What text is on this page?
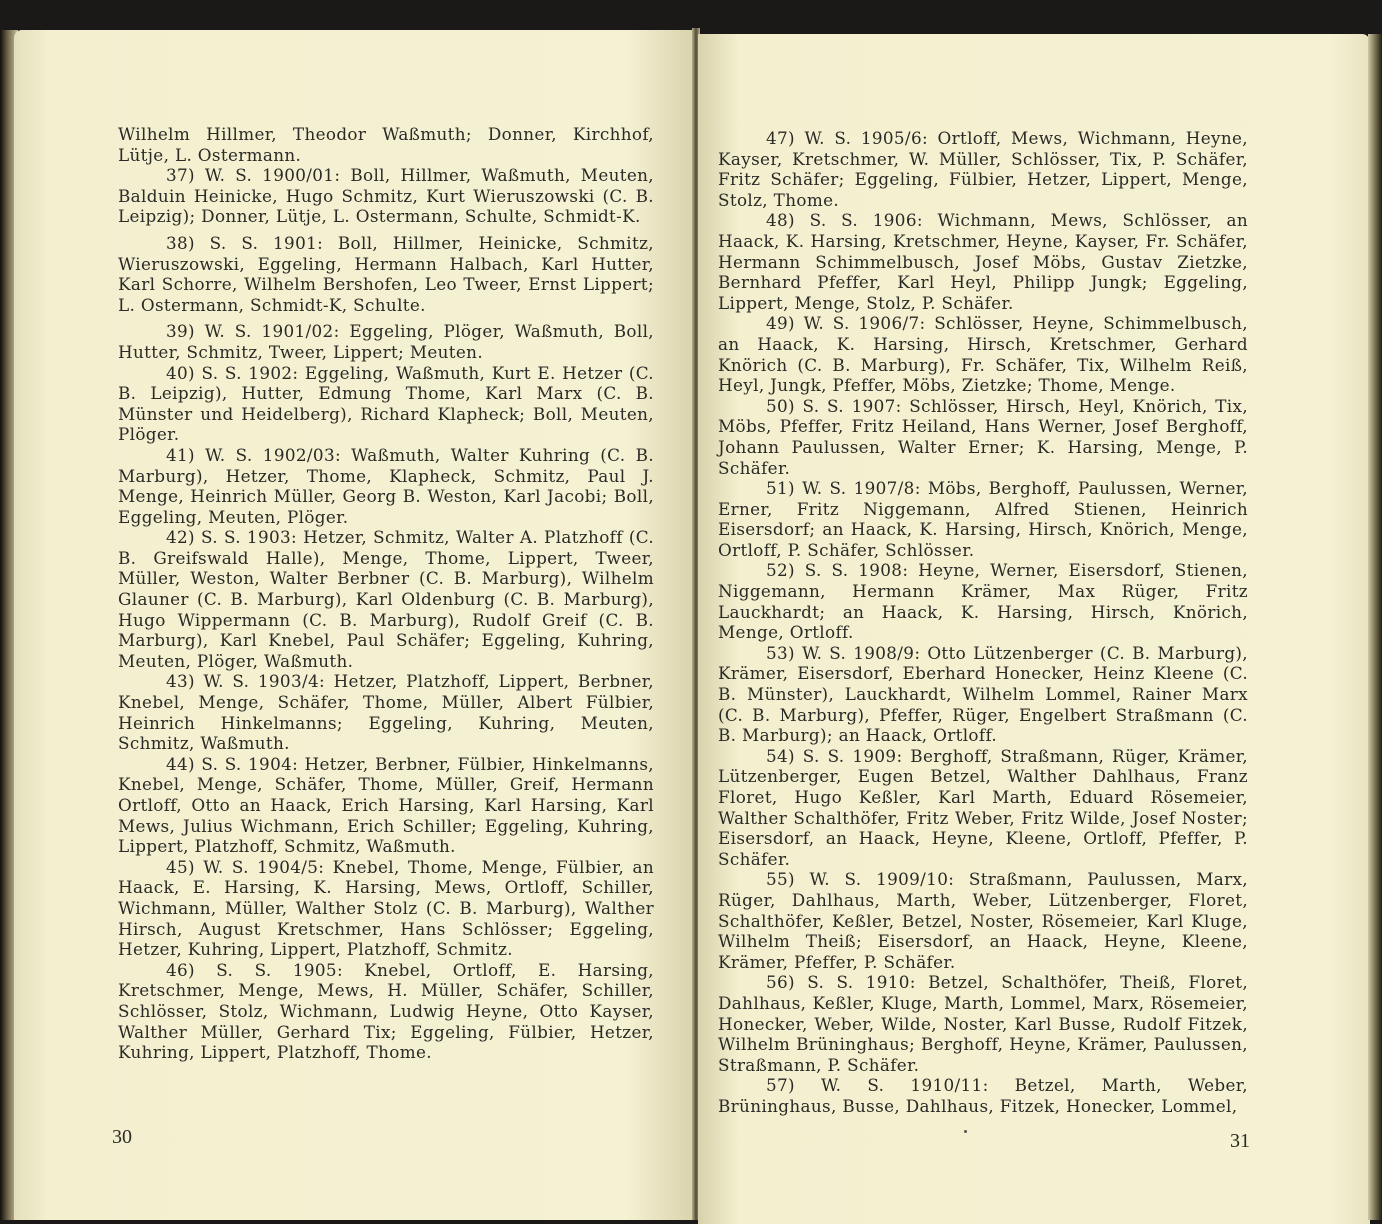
Wilhelm Hillmer, Theodor Waßmuth; Donner, Kirchhof, Lütje, L. Ostermann.

37) W. S. 1900/01: Boll, Hillmer, Waßmuth, Meuten, Balduin Heinicke, Hugo Schmitz, Kurt Wieruszowski (C. B. Leipzig); Donner, Lütje, L. Ostermann, Schulte, Schmidt-K.

38) S. S. 1901: Boll, Hillmer, Heinicke, Schmitz, Wieruszowski, Eggeling, Hermann Halbach, Karl Hutter, Karl Schorre, Wilhelm Bershofen, Leo Tweer, Ernst Lippert; L. Ostermann, Schmidt-K, Schulte.

39) W. S. 1901/02: Eggeling, Plöger, Waßmuth, Boll, Hutter, Schmitz, Tweer, Lippert; Meuten.

40) S. S. 1902: Eggeling, Waßmuth, Kurt E. Hetzer (C. B. Leipzig), Hutter, Edmung Thome, Karl Marx (C. B. Münster und Heidelberg), Richard Klapheck; Boll, Meuten, Plöger.

41) W. S. 1902/03: Waßmuth, Walter Kuhring (C. B. Marburg), Hetzer, Thome, Klapheck, Schmitz, Paul J. Menge, Heinrich Müller, Georg B. Weston, Karl Jacobi; Boll, Eggeling, Meuten, Plöger.

42) S. S. 1903: Hetzer, Schmitz, Walter A. Platzhoff (C. B. Greifswald Halle), Menge, Thome, Lippert, Tweer, Müller, Weston, Walter Berbner (C. B. Marburg), Wilhelm Glauner (C. B. Marburg), Karl Oldenburg (C. B. Marburg), Hugo Wippermann (C. B. Marburg), Rudolf Greif (C. B. Marburg), Karl Knebel, Paul Schäfer; Eggeling, Kuhring, Meuten, Plöger, Waßmuth.

43) W. S. 1903/4: Hetzer, Platzhoff, Lippert, Berbner, Knebel, Menge, Schäfer, Thome, Müller, Albert Fülbier, Heinrich Hinkelmanns; Eggeling, Kuhring, Meuten, Schmitz, Waßmuth.

44) S. S. 1904: Hetzer, Berbner, Fülbier, Hinkelmanns, Knebel, Menge, Schäfer, Thome, Müller, Greif, Hermann Ortloff, Otto an Haack, Erich Harsing, Karl Harsing, Karl Mews, Julius Wichmann, Erich Schiller; Eggeling, Kuhring, Lippert, Platzhoff, Schmitz, Waßmuth.

45) W. S. 1904/5: Knebel, Thome, Menge, Fülbier, an Haack, E. Harsing, K. Harsing, Mews, Ortloff, Schiller, Wichmann, Müller, Walther Stolz (C. B. Marburg), Walther Hirsch, August Kretschmer, Hans Schlösser; Eggeling, Hetzer, Kuhring, Lippert, Platzhoff, Schmitz.

46) S. S. 1905: Knebel, Ortloff, E. Harsing, Kretschmer, Menge, Mews, H. Müller, Schäfer, Schiller, Schlösser, Stolz, Wichmann, Ludwig Heyne, Otto Kayser, Walther Müller, Gerhard Tix; Eggeling, Fülbier, Hetzer, Kuhring, Lippert, Platzhoff, Thome.

30

47) W. S. 1905/6: Ortloff, Mews, Wichmann, Heyne, Kayser, Kretschmer, W. Müller, Schlösser, Tix, P. Schäfer, Fritz Schäfer; Eggeling, Fülbier, Hetzer, Lippert, Menge, Stolz, Thome.

48) S. S. 1906: Wichmann, Mews, Schlösser, an Haack, K. Harsing, Kretschmer, Heyne, Kayser, Fr. Schäfer, Hermann Schimmelbusch, Josef Möbs, Gustav Zietzke, Bernhard Pfeffer, Karl Heyl, Philipp Jungk; Eggeling, Lippert, Menge, Stolz, P. Schäfer.

49) W. S. 1906/7: Schlösser, Heyne, Schimmelbusch, an Haack, K. Harsing, Hirsch, Kretschmer, Gerhard Knörich (C. B. Marburg), Fr. Schäfer, Tix, Wilhelm Reiß, Heyl, Jungk, Pfeffer, Möbs, Zietzke; Thome, Menge.

50) S. S. 1907: Schlösser, Hirsch, Heyl, Knörich, Tix, Möbs, Pfeffer, Fritz Heiland, Hans Werner, Josef Berghoff, Johann Paulussen, Walter Erner; K. Harsing, Menge, P. Schäfer.

51) W. S. 1907/8: Möbs, Berghoff, Paulussen, Werner, Erner, Fritz Niggemann, Alfred Stienen, Heinrich Eisersdorf; an Haack, K. Harsing, Hirsch, Knörich, Menge, Ortloff, P. Schäfer, Schlösser.

52) S. S. 1908: Heyne, Werner, Eisersdorf, Stienen, Niggemann, Hermann Krämer, Max Rüger, Fritz Lauckhardt; an Haack, K. Harsing, Hirsch, Knörich, Menge, Ortloff.

53) W. S. 1908/9: Otto Lützenberger (C. B. Marburg), Krämer, Eisersdorf, Eberhard Honecker, Heinz Kleene (C. B. Münster), Lauckhardt, Wilhelm Lommel, Rainer Marx (C. B. Marburg), Pfeffer, Rüger, Engelbert Straßmann (C. B. Marburg); an Haack, Ortloff.

54) S. S. 1909: Berghoff, Straßmann, Rüger, Krämer, Lützenberger, Eugen Betzel, Walther Dahlhaus, Franz Floret, Hugo Keßler, Karl Marth, Eduard Rösemeier, Walther Schalthöfer, Fritz Weber, Fritz Wilde, Josef Noster; Eisersdorf, an Haack, Heyne, Kleene, Ortloff, Pfeffer, P. Schäfer.

55) W. S. 1909/10: Straßmann, Paulussen, Marx, Rüger, Dahlhaus, Marth, Weber, Lützenberger, Floret, Schalthöfer, Keßler, Betzel, Noster, Rösemeier, Karl Kluge, Wilhelm Theiß; Eisersdorf, an Haack, Heyne, Kleene, Krämer, Pfeffer, P. Schäfer.

56) S. S. 1910: Betzel, Schalthöfer, Theiß, Floret, Dahlhaus, Keßler, Kluge, Marth, Lommel, Marx, Rösemeier, Honecker, Weber, Wilde, Noster, Karl Busse, Rudolf Fitzek, Wilhelm Brüninghaus; Berghoff, Heyne, Krämer, Paulussen, Straßmann, P. Schäfer.

57) W. S. 1910/11: Betzel, Marth, Weber, Brüninghaus, Busse, Dahlhaus, Fitzek, Honecker, Lommel,

31
